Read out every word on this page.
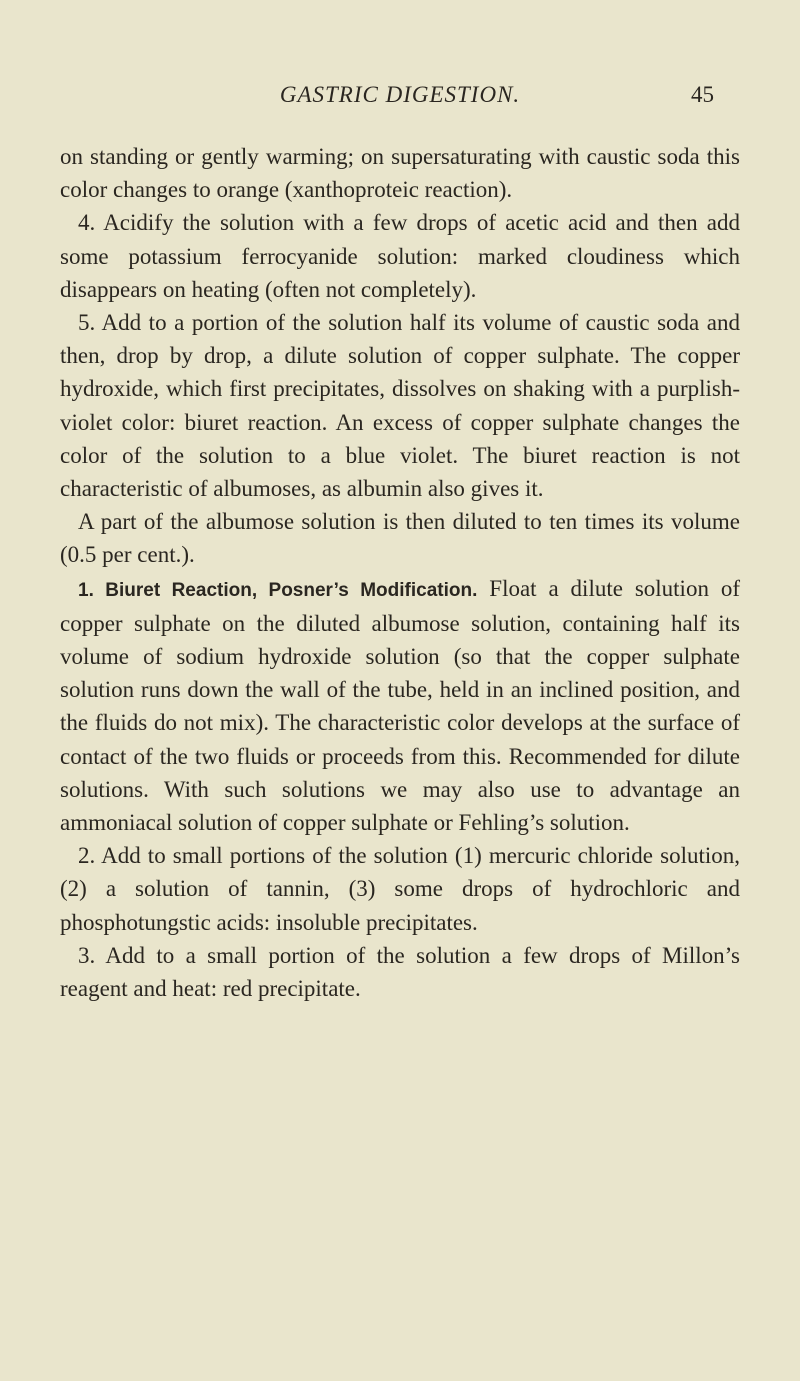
GASTRIC DIGESTION.	45

on standing or gently warming; on supersaturating with caustic soda this color changes to orange (xanthoproteic reaction).

4. Acidify the solution with a few drops of acetic acid and then add some potassium ferrocyanide solution: marked cloudiness which disappears on heating (often not completely).

5. Add to a portion of the solution half its volume of caustic soda and then, drop by drop, a dilute solution of copper sulphate. The copper hydroxide, which first precipitates, dissolves on shaking with a purplish-violet color: biuret reaction. An excess of copper sulphate changes the color of the solution to a blue violet. The biuret reaction is not characteristic of albumoses, as albumin also gives it.

A part of the albumose solution is then diluted to ten times its volume (0.5 per cent.).

1. Biuret Reaction, Posner’s Modification. Float a dilute solution of copper sulphate on the diluted albumose solution, containing half its volume of sodium hydroxide solution (so that the copper sulphate solution runs down the wall of the tube, held in an inclined position, and the fluids do not mix). The characteristic color develops at the surface of contact of the two fluids or proceeds from this. Recommended for dilute solutions. With such solutions we may also use to advantage an ammoniacal solution of copper sulphate or Fehling’s solution.

2. Add to small portions of the solution (1) mercuric chloride solution, (2) a solution of tannin, (3) some drops of hydrochloric and phosphotungstic acids: insoluble precipitates.

3. Add to a small portion of the solution a few drops of Millon’s reagent and heat: red precipitate.
